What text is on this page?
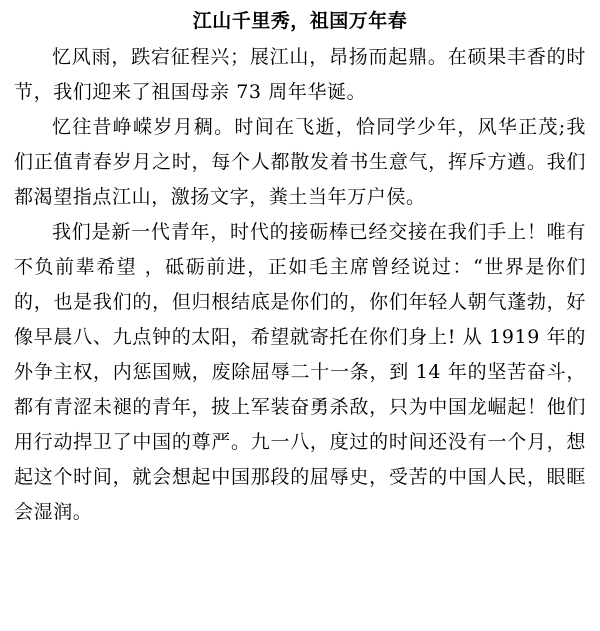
江山千里秀，祖国万年春

忆风雨，跌宕征程兴；展江山，昂扬而起鼎。在硕果丰香的时节，我们迎来了祖国母亲 73 周年华诞。

忆往昔峥嵘岁月稠。时间在飞逝，恰同学少年，风华正茂;我们正值青春岁月之时，每个人都散发着书生意气，挥斥方遒。我们都渴望指点江山，激扬文字，粪土当年万户侯。

我们是新一代青年，时代的接砺棒已经交接在我们手上！唯有不负前辈希望 ，砥砺前进，正如毛主席曾经说过：“世界是你们的，也是我们的，但归根结底是你们的，你们年轻人朝气蓬勃，好像早晨八、九点钟的太阳，希望就寄托在你们身上! 从 1919 年的外争主权，内惩国贼，废除屈辱二十一条，到 14 年的坚苦奋斗，都有青涩未褪的青年，披上军装奋勇杀敌，只为中国龙崛起！他们用行动捍卫了中国的尊严。九一八，度过的时间还没有一个月，想起这个时间，就会想起中国那段的屈辱史，受苦的中国人民，眼眶会湿润。
